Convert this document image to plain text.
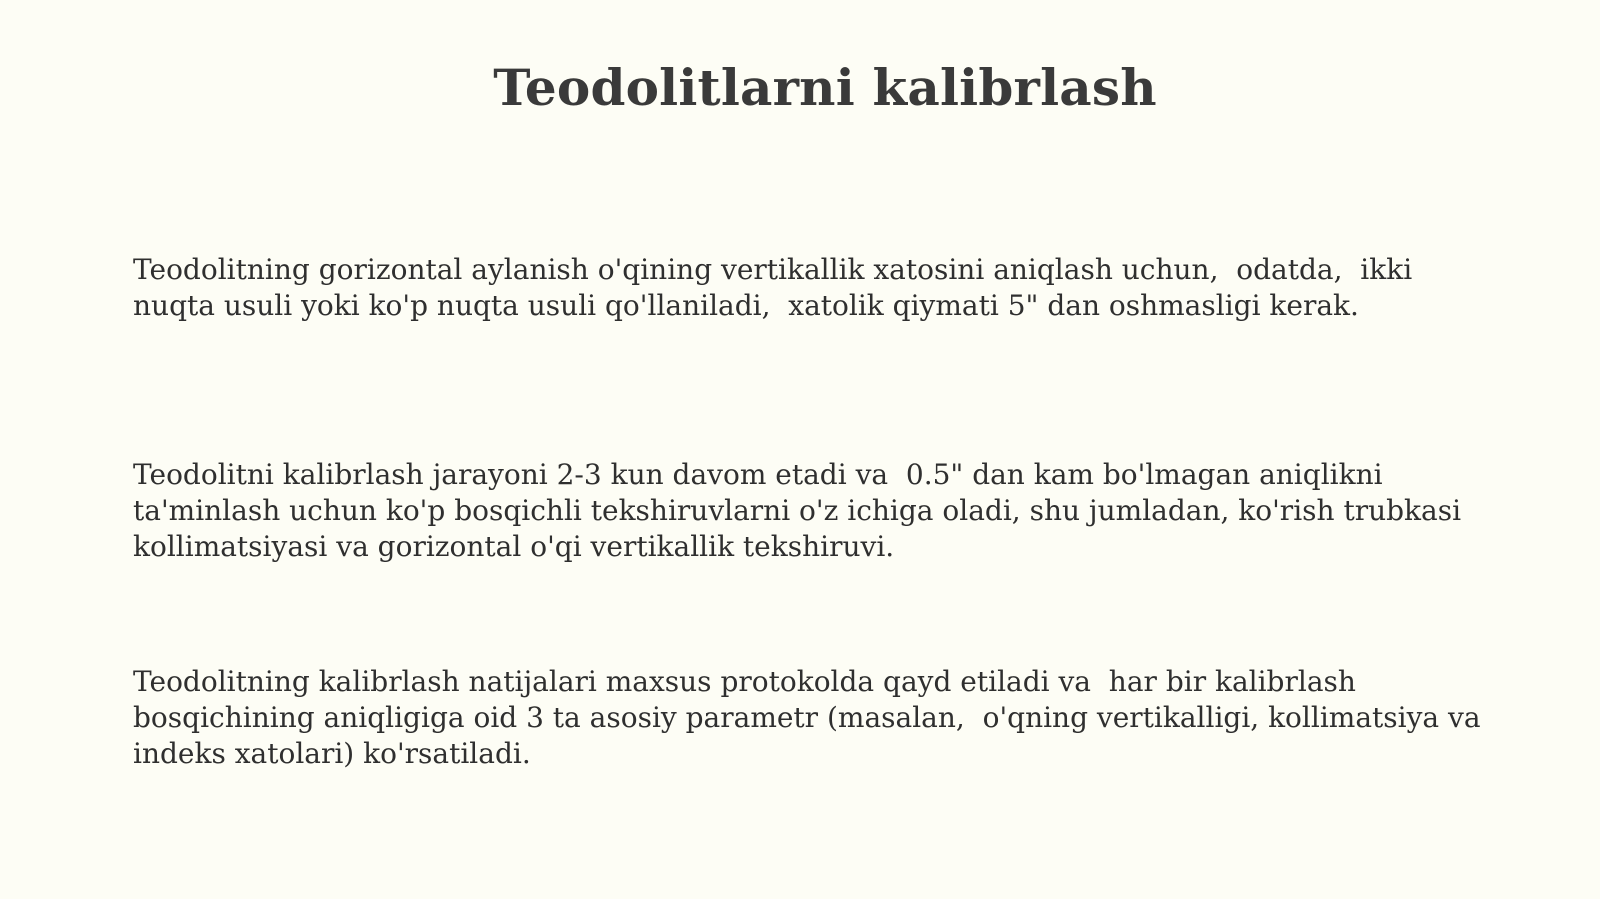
Teodolitlarni kalibrlash

Teodolitning gorizontal aylanish o'qining vertikallik xatosini aniqlash uchun,  odatda,  ikki nuqta usuli yoki ko'p nuqta usuli qo'llaniladi,  xatolik qiymati 5" dan oshmasligi kerak.

Teodolitni kalibrlash jarayoni 2-3 kun davom etadi va  0.5" dan kam bo'lmagan aniqlikni ta'minlash uchun ko'p bosqichli tekshiruvlarni o'z ichiga oladi, shu jumladan, ko'rish trubkasi kollimatsiyasi va gorizontal o'qi vertikallik tekshiruvi.

Teodolitning kalibrlash natijalari maxsus protokolda qayd etiladi va  har bir kalibrlash bosqichining aniqligiga oid 3 ta asosiy parametr (masalan,  o'qning vertikalligi, kollimatsiya va indeks xatolari) ko'rsatiladi.
